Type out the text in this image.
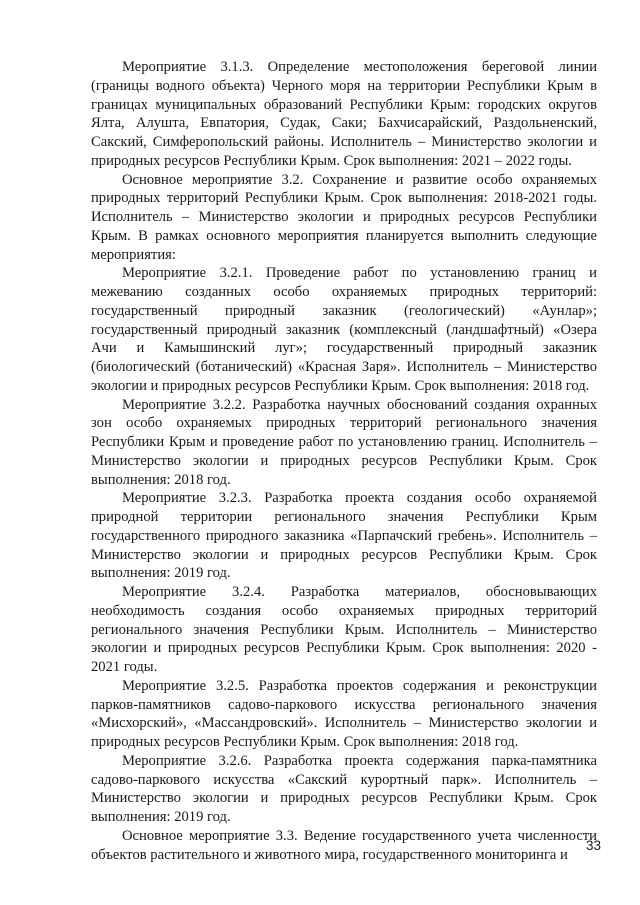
Мероприятие 3.1.3. Определение местоположения береговой линии (границы водного объекта) Черного моря на территории Республики Крым в границах муниципальных образований Республики Крым: городских округов Ялта, Алушта, Евпатория, Судак, Саки; Бахчисарайский, Раздольненский, Сакский, Симферопольский районы. Исполнитель – Министерство экологии и природных ресурсов Республики Крым. Срок выполнения: 2021 – 2022 годы.

Основное мероприятие 3.2. Сохранение и развитие особо охраняемых природных территорий Республики Крым. Срок выполнения: 2018-2021 годы. Исполнитель – Министерство экологии и природных ресурсов Республики Крым. В рамках основного мероприятия планируется выполнить следующие мероприятия:

Мероприятие 3.2.1. Проведение работ по установлению границ и межеванию созданных особо охраняемых природных территорий: государственный природный заказник (геологический) «Аунлар»; государственный природный заказник (комплексный (ландшафтный) «Озера Ачи и Камышинский луг»; государственный природный заказник (биологический (ботанический) «Красная Заря». Исполнитель – Министерство экологии и природных ресурсов Республики Крым. Срок выполнения: 2018 год.

Мероприятие 3.2.2. Разработка научных обоснований создания охранных зон особо охраняемых природных территорий регионального значения Республики Крым и проведение работ по установлению границ. Исполнитель – Министерство экологии и природных ресурсов Республики Крым. Срок выполнения: 2018 год.

Мероприятие 3.2.3. Разработка проекта создания особо охраняемой природной территории регионального значения Республики Крым государственного природного заказника «Парпачский гребень». Исполнитель – Министерство экологии и природных ресурсов Республики Крым. Срок выполнения: 2019 год.

Мероприятие 3.2.4. Разработка материалов, обосновывающих необходимость создания особо охраняемых природных территорий регионального значения Республики Крым. Исполнитель – Министерство экологии и природных ресурсов Республики Крым. Срок выполнения: 2020 - 2021 годы.

Мероприятие 3.2.5. Разработка проектов содержания и реконструкции парков-памятников садово-паркового искусства регионального значения «Мисхорский», «Массандровский». Исполнитель – Министерство экологии и природных ресурсов Республики Крым. Срок выполнения: 2018 год.

Мероприятие 3.2.6. Разработка проекта содержания парка-памятника садово-паркового искусства «Сакский курортный парк». Исполнитель – Министерство экологии и природных ресурсов Республики Крым. Срок выполнения: 2019 год.

Основное мероприятие 3.3. Ведение государственного учета численности объектов растительного и животного мира, государственного мониторинга и

33
